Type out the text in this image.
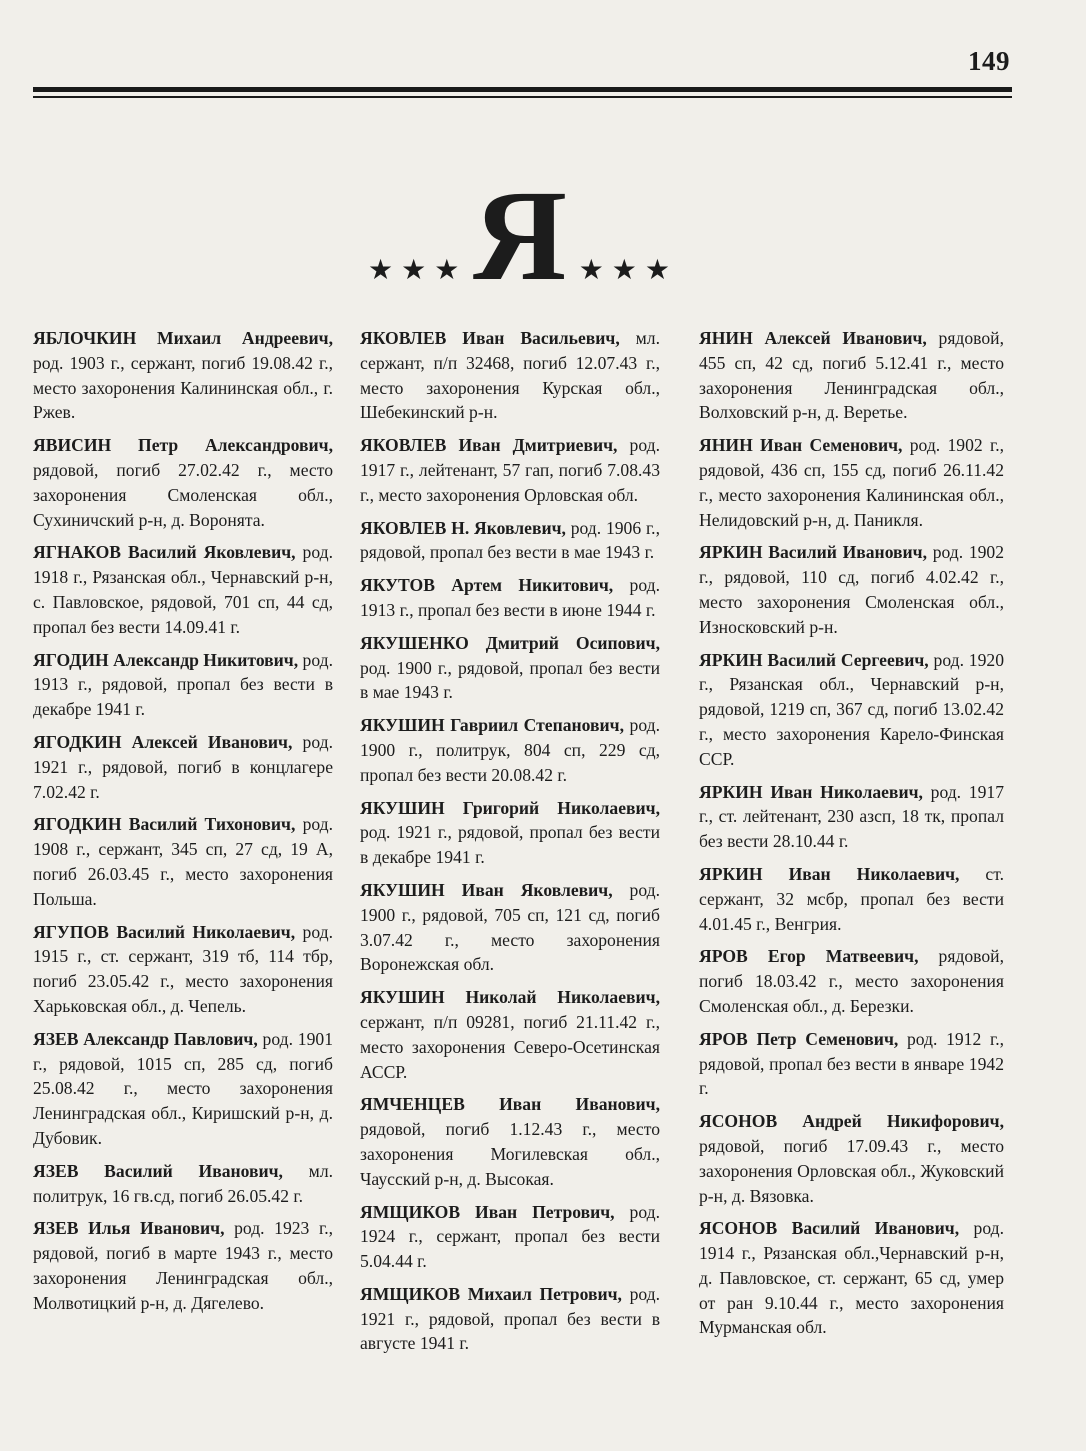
149
★★★ Я ★★★

ЯБЛОЧКИН Михаил Андреевич, род. 1903 г., сержант, погиб 19.08.42 г., место захоронения Калининская обл., г. Ржев.

ЯВИСИН Петр Александрович, рядовой, погиб 27.02.42 г., место захоронения Смоленская обл., Сухиничский р-н, д. Воронята.

ЯГНАКОВ Василий Яковлевич, род. 1918 г., Рязанская обл., Чернавский р-н, с. Павловское, рядовой, 701 сп, 44 сд, пропал без вести 14.09.41 г.

ЯГОДИН Александр Никитович, род. 1913 г., рядовой, пропал без вести в декабре 1941 г.

ЯГОДКИН Алексей Иванович, род. 1921 г., рядовой, погиб в концлагере 7.02.42 г.

ЯГОДКИН Василий Тихонович, род. 1908 г., сержант, 345 сп, 27 сд, 19 А, погиб 26.03.45 г., место захоронения Польша.

ЯГУПОВ Василий Николаевич, род. 1915 г., ст. сержант, 319 тб, 114 тбр, погиб 23.05.42 г., место захоронения Харьковская обл., д. Чепель.

ЯЗЕВ Александр Павлович, род. 1901 г., рядовой, 1015 сп, 285 сд, погиб 25.08.42 г., место захоронения Ленинградская обл., Киришский р-н, д. Дубовик.

ЯЗЕВ Василий Иванович, мл. политрук, 16 гв.сд, погиб 26.05.42 г.

ЯЗЕВ Илья Иванович, род. 1923 г., рядовой, погиб в марте 1943 г., место захоронения Ленинградская обл., Молвотицкий р-н, д. Дягелево.

ЯКОВЛЕВ Иван Васильевич, мл. сержант, п/п 32468, погиб 12.07.43 г., место захоронения Курская обл., Шебекинский р-н.

ЯКОВЛЕВ Иван Дмитриевич, род. 1917 г., лейтенант, 57 гап, погиб 7.08.43 г., место захоронения Орловская обл.

ЯКОВЛЕВ Н. Яковлевич, род. 1906 г., рядовой, пропал без вести в мае 1943 г.

ЯКУТОВ Артем Никитович, род. 1913 г., пропал без вести в июне 1944 г.

ЯКУШЕНКО Дмитрий Осипович, род. 1900 г., рядовой, пропал без вести в мае 1943 г.

ЯКУШИН Гавриил Степанович, род. 1900 г., политрук, 804 сп, 229 сд, пропал без вести 20.08.42 г.

ЯКУШИН Григорий Николаевич, род. 1921 г., рядовой, пропал без вести в декабре 1941 г.

ЯКУШИН Иван Яковлевич, род. 1900 г., рядовой, 705 сп, 121 сд, погиб 3.07.42 г., место захоронения Воронежская обл.

ЯКУШИН Николай Николаевич, сержант, п/п 09281, погиб 21.11.42 г., место захоронения Северо-Осетинская АССР.

ЯМЧЕНЦЕВ Иван Иванович, рядовой, погиб 1.12.43 г., место захоронения Могилевская обл., Чаусский р-н, д. Высокая.

ЯМЩИКОВ Иван Петрович, род. 1924 г., сержант, пропал без вести 5.04.44 г.

ЯМЩИКОВ Михаил Петрович, род. 1921 г., рядовой, пропал без вести в августе 1941 г.

ЯНИН Алексей Иванович, рядовой, 455 сп, 42 сд, погиб 5.12.41 г., место захоронения Ленинградская обл., Волховский р-н, д. Веретье.

ЯНИН Иван Семенович, род. 1902 г., рядовой, 436 сп, 155 сд, погиб 26.11.42 г., место захоронения Калининская обл., Нелидовский р-н, д. Паникля.

ЯРКИН Василий Иванович, род. 1902 г., рядовой, 110 сд, погиб 4.02.42 г., место захоронения Смоленская обл., Износковский р-н.

ЯРКИН Василий Сергеевич, род. 1920 г., Рязанская обл., Чернавский р-н, рядовой, 1219 сп, 367 сд, погиб 13.02.42 г., место захоронения Карело-Финская ССР.

ЯРКИН Иван Николаевич, род. 1917 г., ст. лейтенант, 230 азсп, 18 тк, пропал без вести 28.10.44 г.

ЯРКИН Иван Николаевич, ст. сержант, 32 мсбр, пропал без вести 4.01.45 г., Венгрия.

ЯРОВ Егор Матвеевич, рядовой, погиб 18.03.42 г., место захоронения Смоленская обл., д. Березки.

ЯРОВ Петр Семенович, род. 1912 г., рядовой, пропал без вести в январе 1942 г.

ЯСОНОВ Андрей Никифорович, рядовой, погиб 17.09.43 г., место захоронения Орловская обл., Жуковский р-н, д. Вязовка.

ЯСОНОВ Василий Иванович, род. 1914 г., Рязанская обл.,Чернавский р-н, д. Павловское, ст. сержант, 65 сд, умер от ран 9.10.44 г., место захоронения Мурманская обл.
